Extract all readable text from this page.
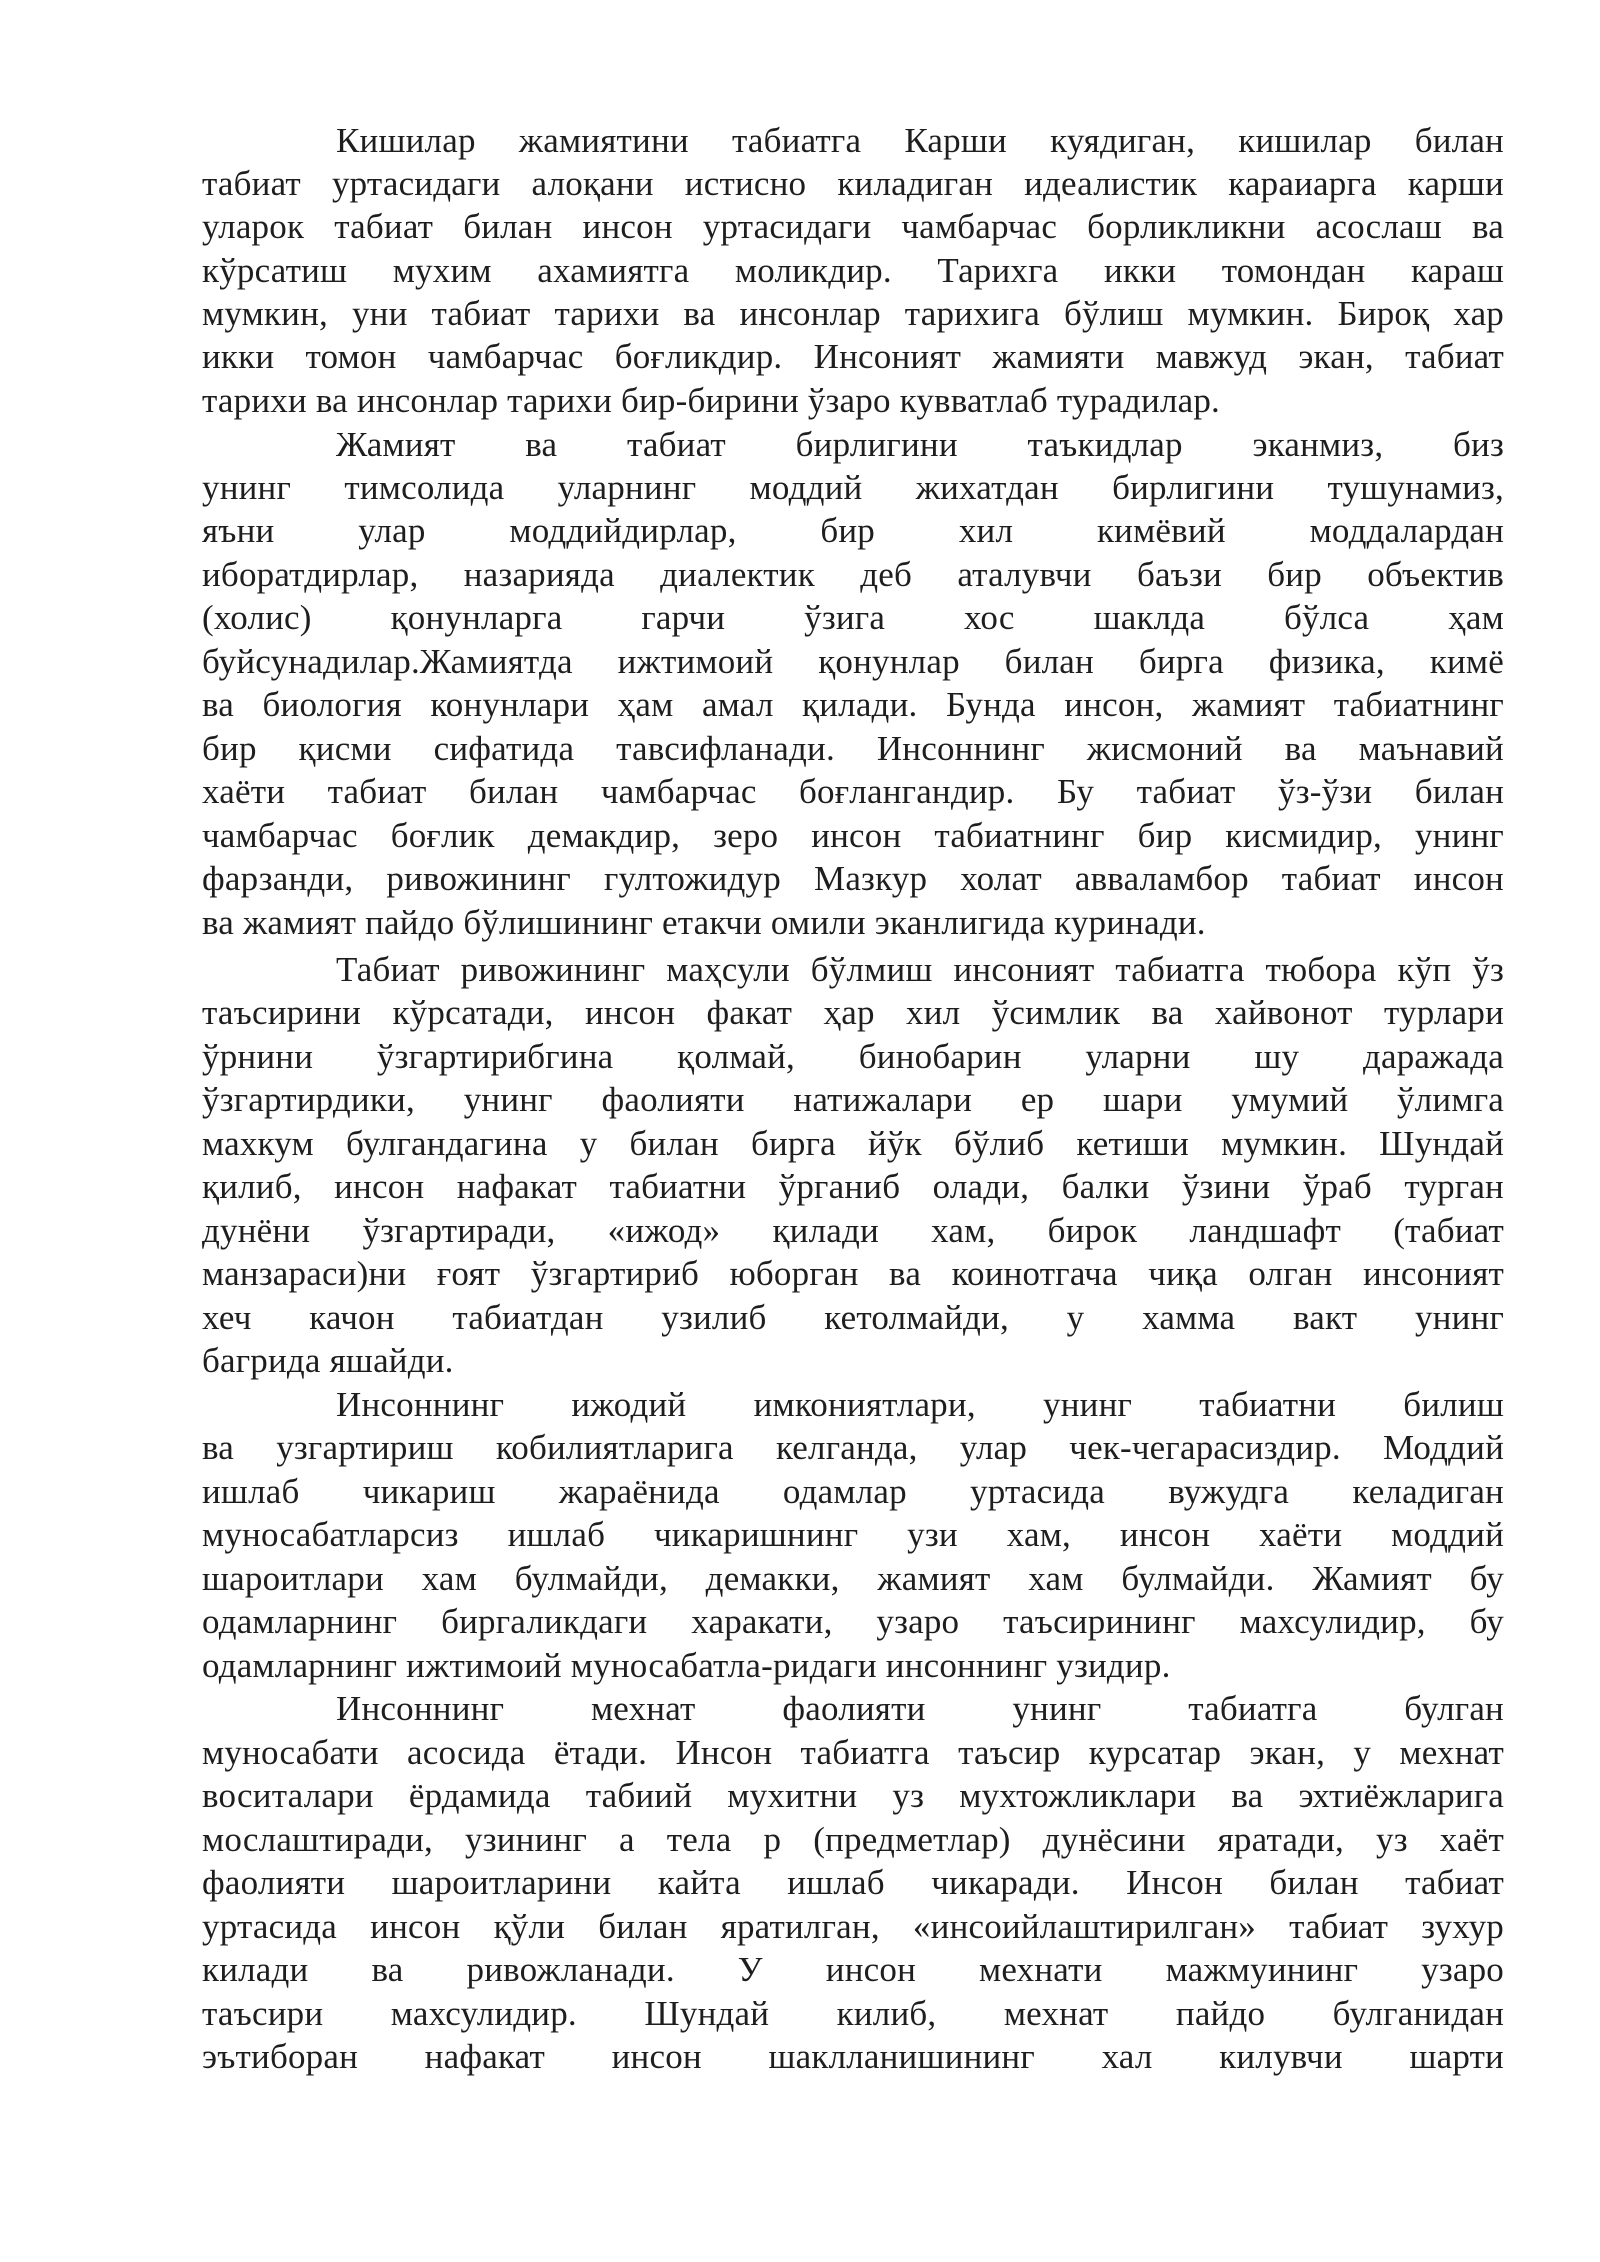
Кишилар жамиятини табиатга Карши куядиган, кишилар билан
табиат уртасидаги алоқани истисно киладиган идеалистик караиарга карши
уларок табиат билан инсон уртасидаги чамбарчас борликликни асослаш ва
кўрсатиш мухим ахамиятга моликдир. Тарихга икки томондан караш
мумкин, уни табиат тарихи ва инсонлар тарихига бўлиш мумкин. Бироқ хар
икки томон чамбарчас боғликдир. Инсоният жамияти мавжуд экан, табиат
тарихи ва инсонлар тарихи бир-бирини ўзаро кувватлаб турадилар.
Жамият ва табиат бирлигини таъкидлар эканмиз, биз
унинг тимсолида уларнинг моддий жихатдан бирлигини тушунамиз,
яъни улар моддийдирлар, бир хил кимёвий моддалардан
иборатдирлар, назарияда диалектик деб аталувчи баъзи бир объектив
(холис) қонунларга гарчи ўзига хос шаклда бўлса ҳам
буйсунадилар.Жамиятда ижтимоий қонунлар билан бирга физика, кимё
ва биология конунлари ҳам амал қилади. Бунда инсон, жамият табиатнинг
бир қисми сифатида тавсифланади. Инсоннинг жисмоний ва маънавий
хаёти табиат билан чамбарчас боғлангандир. Бу табиат ўз-ўзи билан
чамбарчас боғлик демакдир, зеро инсон табиатнинг бир кисмидир, унинг
фарзанди, ривожининг гултожидур Мазкур холат авваламбор табиат инсон
ва жамият пайдо бўлишининг етакчи омили эканлигида куринади.
Табиат ривожининг маҳсули бўлмиш инсоният табиатга тюбора кўп ўз
таъсирини кўрсатади, инсон факат ҳар хил ўсимлик ва хайвонот турлари
ўрнини ўзгартирибгина қолмай, бинобарин уларни шу даражада
ўзгартирдики, унинг фаолияти натижалари ер шари умумий ўлимга
махкум булгандагина у билан бирга йўк бўлиб кетиши мумкин. Шундай
қилиб, инсон нафакат табиатни ўрганиб олади, балки ўзини ўраб турган
дунёни ўзгартиради, «ижод» қилади хам, бирок ландшафт (табиат
манзараси)ни ғоят ўзгартириб юборган ва коинотгача чиқа олган инсоният
хеч качон табиатдан узилиб кетолмайди, у хамма вакт унинг
багрида яшайди.
Инсоннинг ижодий имкониятлари, унинг табиатни билиш
ва узгартириш кобилиятларига келганда, улар чек-чегарасиздир. Моддий
ишлаб чикариш жараёнида одамлар уртасида вужудга келадиган
муносабатларсиз ишлаб чикаришнинг узи хам, инсон хаёти моддий
шароитлари хам булмайди, демакки, жамият хам булмайди. Жамият бу
одамларнинг биргаликдаги харакати, узаро таъсирининг махсулидир, бу
одамларнинг ижтимоий муносабатла-ридаги инсоннинг узидир.
Инсоннинг мехнат фаолияти унинг табиатга булган
муносабати асосида ётади. Инсон табиатга таъсир курсатар экан, у мехнат
воситалари ёрдамида табиий мухитни уз мухтожликлари ва эхтиёжларига
мослаштиради, узининг а тела р (предметлар) дунёсини яратади, уз хаёт
фаолияти шароитларини кайта ишлаб чикаради. Инсон билан табиат
уртасида инсон қўли билан яратилган, «инсоийлаштирилган» табиат зухур
килади ва ривожланади. У инсон мехнати мажмуининг узаро
таъсири махсулидир. Шундай килиб, мехнат пайдо булганидан
эътиборан нафакат инсон шаклланишининг хал килувчи шарти
